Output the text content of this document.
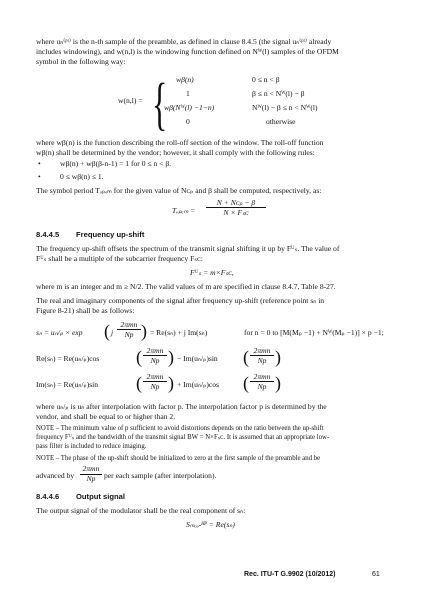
where uₙ⁽ᵖʳ⁾ is the n-th sample of the preamble, as defined in clause 8.4.5 (the signal uₙ⁽ᵖʳ⁾ already

includes windowing), and w(n,l) is the windowing function defined on Nᵂ(l) samples of the OFDM

symbol in the following way:

w(n,l) = { wβ(n)	0 ≤ n < β
1	β ≤ n < Nᵂ(l) − β
wβ(Nᵂ(l) −1−n)	Nᵂ(l) − β ≤ n < Nᵂ(l)
0	otherwise

where wβ(n) is the function describing the roll-off section of the window. The roll-off function

wβ(n) shall be determined by the vendor; however, it shall comply with the following rules:

•	wβ(n) + wβ(β-n-1) = 1 for 0 ≤ n < β.
•	0 ≤ wβ(n) ≤ 1.

The symbol period Tₒₚₑₘ for the given value of Nᴄₚ and β shall be computed, respectively, as:

Tₒₚₑₘ =
N + Nᴄₚ − β
N × Fₛᴄ
8.4.4.5 Frequency up-shift

The frequency up-shift offsets the spectrum of the transmit signal shifting it up by Fᵁₛ. The value of

Fᵁₛ shall be a multiple of the subcarrier frequency Fₛᴄ:

Fᵁₛ = m×Fₛᴄ,

where m is an integer and m ≥ N/2. The valid values of m are specified in clause 8.4.7, Table 8-27.

The real and imaginary components of the signal after frequency up-shift (reference point sₙ in

Figure 8-21) shall be as follows:

sₙ = uₙ/ₚ × exp ( j
2πmn
Np ) = Re(sₙ) + j Im(sₙ)	for n = 0 to [M(Mₚ −1) + Nᵂ(Mₚ −1)] × p −1;
Re(sₙ) = Re(uₙ/ₚ)cos ( 2πmn
Np ) − Im(uₙ/ₚ)sin ( 2πmn
Np )
Im(sₙ) = Re(uₙ/ₚ)sin ( 2πmn
Np ) + Im(uₙ/ₚ)cos ( 2πmn
Np )

where uₙ/ₚ is uₙ after interpolation with factor p. The interpolation factor p is determined by the

vendor, and shall be equal to or higher than 2.

NOTE – The minimum value of p sufficient to avoid distortions depends on the ratio between the up-shift

frequency Fᵁₛ and the bandwidth of the transmit signal BW = N×Fₛᴄ. It is assumed that an appropriate low-

pass filter is included to reduce imaging.

NOTE – The phase of the up-shift should be initialized to zero at the first sample of the preamble and be

advanced by
2πmn
Np	per each sample (after interpolation).
8.4.4.6 Output signal

The output signal of the modulator shall be the real component of sₙ:

Sₘₒₔ‑ᴴᴾ = Re(sₙ)
Rec. ITU-T G.9902 (10/2012)	61
